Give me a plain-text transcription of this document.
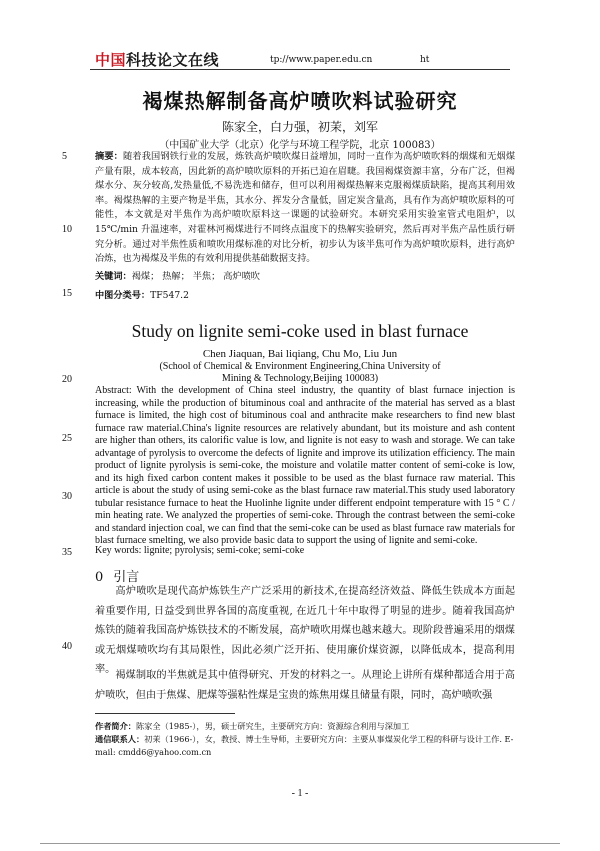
中国科技论文在线	tp://www.paper.edu.cn	ht
褐煤热解制备高炉喷吹料试验研究
陈家全，白力强，初茉，刘军
（中国矿业大学（北京）化学与环境工程学院，北京 100083）
5
10
15
20
25
30
35
40
摘要：随着我国钢铁行业的发展，炼铁高炉喷吹煤日益增加，同时一直作为高炉喷吹料的烟煤和无烟煤产量有限，成本较高，因此新的高炉喷吹原料的开拓已迫在眉睫。我国褐煤资源丰富，分布广泛，但褐煤水分、灰分较高,发热量低,不易洗选和储存，但可以利用褐煤热解来克服褐煤质缺陷，提高其利用效率。褐煤热解的主要产物是半焦，其水分、挥发分含量低，固定炭含量高，具有作为高炉喷吹原料的可能性，本文就是对半焦作为高炉喷吹原料这一课题的试验研究。本研究采用实验室管式电阻炉，以 15℃/min 升温速率，对霍林河褐煤进行不同终点温度下的热解实验研究，然后再对半焦产品性质行研究分析。通过对半焦性质和喷吹用煤标准的对比分析，初步认为该半焦可作为高炉喷吹原料，进行高炉冶炼，也为褐煤及半焦的有效利用提供基础数据支持。
关键词：褐煤； 热解； 半焦； 高炉喷吹
中图分类号：TF547.2
Study on lignite semi-coke used in blast furnace
Chen Jiaquan, Bai liqiang, Chu Mo, Liu Jun
(School of Chemical & Environment Engineering,China University of Mining & Technology,Beijing 100083)
Abstract: With the development of China steel industry, the quantity of blast furnace injection is increasing, while the production of bituminous coal and anthracite of the material has served as a blast furnace is limited, the high cost of bituminous coal and anthracite make researchers to find new blast furnace raw material.China's lignite resources are relatively abundant, but its moisture and ash content are higher than others, its calorific value is low, and lignite is not easy to wash and storage. We can take advantage of pyrolysis to overcome the defects of lignite and improve its utilization efficiency. The main product of lignite pyrolysis is semi-coke, the moisture and volatile matter content of semi-coke is low, and its high fixed carbon content makes it possible to be used as the blast furnace raw material. This article is about the study of using semi-coke as the blast furnace raw material.This study used laboratory tubular resistance furnace to heat the Huolinhe lignite under different endpoint temperature with 15 ° C / min heating rate. We analyzed the properties of semi-coke. Through the contrast between the semi-coke and standard injection coal, we can find that the semi-coke can be used as blast furnace raw materials for blast furnace smelting, we also provide basic data to support the using of lignite and semi-coke.
Key words: lignite; pyrolysis; semi-coke; semi-coke
0 引言

高炉喷吹是现代高炉炼铁生产广泛采用的新技术,在提高经济效益、降低生铁成本方面起着重要作用, 日益受到世界各国的高度重视, 在近几十年中取得了明显的进步。随着我国高炉炼铁的随着我国高炉炼铁技术的不断发展，高炉喷吹用煤也越来越大。现阶段普遍采用的烟煤或无烟煤喷吹均有其局限性，因此必须广泛开拓、使用廉价煤资源，以降低成本，提高利用率。

褐煤制取的半焦就是其中值得研究、开发的材料之一。从理论上讲所有煤种都适合用于高炉喷吹，但由于焦煤、肥煤等强粘性煤是宝贵的炼焦用煤且储量有限，同时，高炉喷吹强

作者简介：陈家全（1985-），男，硕士研究生，主要研究方向：资源综合利用与深加工
通信联系人：初茉（1966-），女，教授、博士生导师，主要研究方向：主要从事煤炭化学工程的科研与设计工作. E-mail: cmdd6@yahoo.com.cn
- 1 -
